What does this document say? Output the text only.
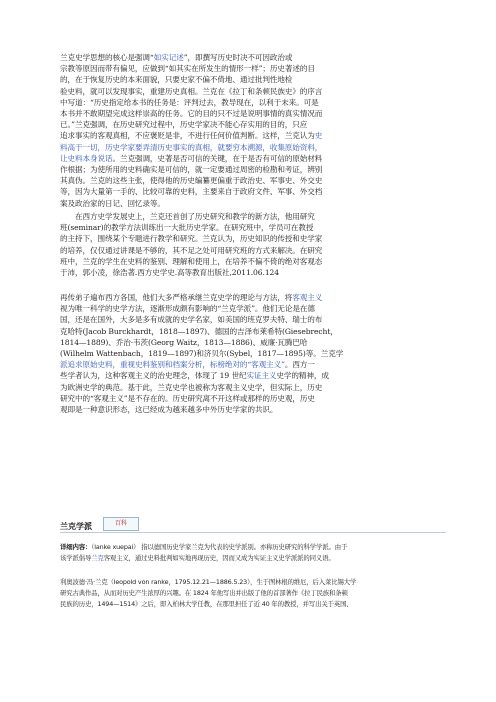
兰克史学思想的核心是强调“如实记述”，即撰写历史时决不可因政治或
宗教等原因而带有偏见，应做到“如其实在所发生的情形一样”；历史著述的目
的，在于恢复历史的本来面貌，只要史家不偏不倚地、通过批判性地检
验史料，就可以发现事实，重建历史真相。兰克在《拉丁和条顿民族史》的序言
中写道：“历史指定给本书的任务是：评判过去，教导现在，以利于未来。可是
本书并不敢期望完成这样崇高的任务。它的目的只不过是说明事情的真实情况而
已。”兰克强调，在历史研究过程中，历史学家决不能心存实用的目的，只应
追求事实的客观真相，不应褒贬是非，不进行任何价值判断。这样，兰克认为史
料高于一切，历史学家要弄清历史事实的真相，就要穷本溯源，收集原始资料，
让史料本身说话。兰克强调，史著是否可信的关键，在于是否有可信的原始材料
作根据；为使所用的史料确实是可信的，就一定要通过周密的检勘和考证，辨别
其真伪。兰克的这些主张，使得他的历史编纂更偏重于政治史、军事史、外交史
等，因为大量第一手的、比较可靠的史料，主要来自于政府文件、军事、外交档
案及政治家的日记、回忆录等。
　　在西方史学发展史上，兰克还首创了历史研究和教学的新方法，他用研究
班(seminar)的教学方法训练出一大批历史学家。在研究班中，学员可在教授
的主持下，围绕某个专题进行教学和研究。兰克认为，历史知识的传授和史学家
的培养，仅仅通过讲课是不够的，其不足之处可用研究班的方式来解决。在研究
班中，兰克的学生在史料的鉴别、理解和使用上，在培养不偏不倚的绝对客观态
于沛，郭小凌，徐浩著.西方史学史.高等教育出版社,2011.06.124
再传弟子遍布西方各国，他们大多严格承继兰克史学的理论与方法，将客观主义
视为唯一科学的史学方法，逐渐形成颇有影响的“兰克学派”。他们无论是在德
国，还是在国外，大多是多有成就的史学名家，如美国的班克罗夫特、瑞士的布
克哈特(Jacob Burckhardt，1818—1897)、德国的吉泽布莱希特(Giesebrecht，
1814—1889)、乔治·韦茨(Georg Waitz，1813—1886)、威廉·瓦腾巴哈
(Wilhelm Wattenbach，1819—1897)和济贝尔(Sybel，1817—1895)等。兰克学
派追求原始史料，重视史料鉴别和档案分析，标榜绝对的“客观主义”。西方一
些学者认为，这种客观主义的治史理念，体现了 19 世纪实证主义史学的精神，成
为欧洲史学的典范。基于此，兰克史学也被称为客观主义史学，但实际上，历史
研究中的“客观主义”是不存在的。历史研究离不开这样或那样的历史观，历史
观即是一种意识形态，这已经成为越来越多中外历史学家的共识。
兰克学派	百科
详细内容：（lanke xuepai） 指以德国历史学家兰克为代表的史学派别。亦称历史研究的科学学派。由于
该学派倡导兰克客观主义，通过史料批判如实地再现历史，因而又成为实证主义史学派派的同义语。
利奥波德·冯·兰克（leopold von ranke，1795.12.21—1886.5.23），生于图林根的维厄，后入莱比锡大学
研究古典作品，从而对历史产生浓厚的兴趣。在 1824 年他写出并出版了他的首部著作《拉丁民族和条顿
民族的历史，1494—1514》之后，即入柏林大学任教，在那里担任了近 40 年的教授，并写出关于英国、
